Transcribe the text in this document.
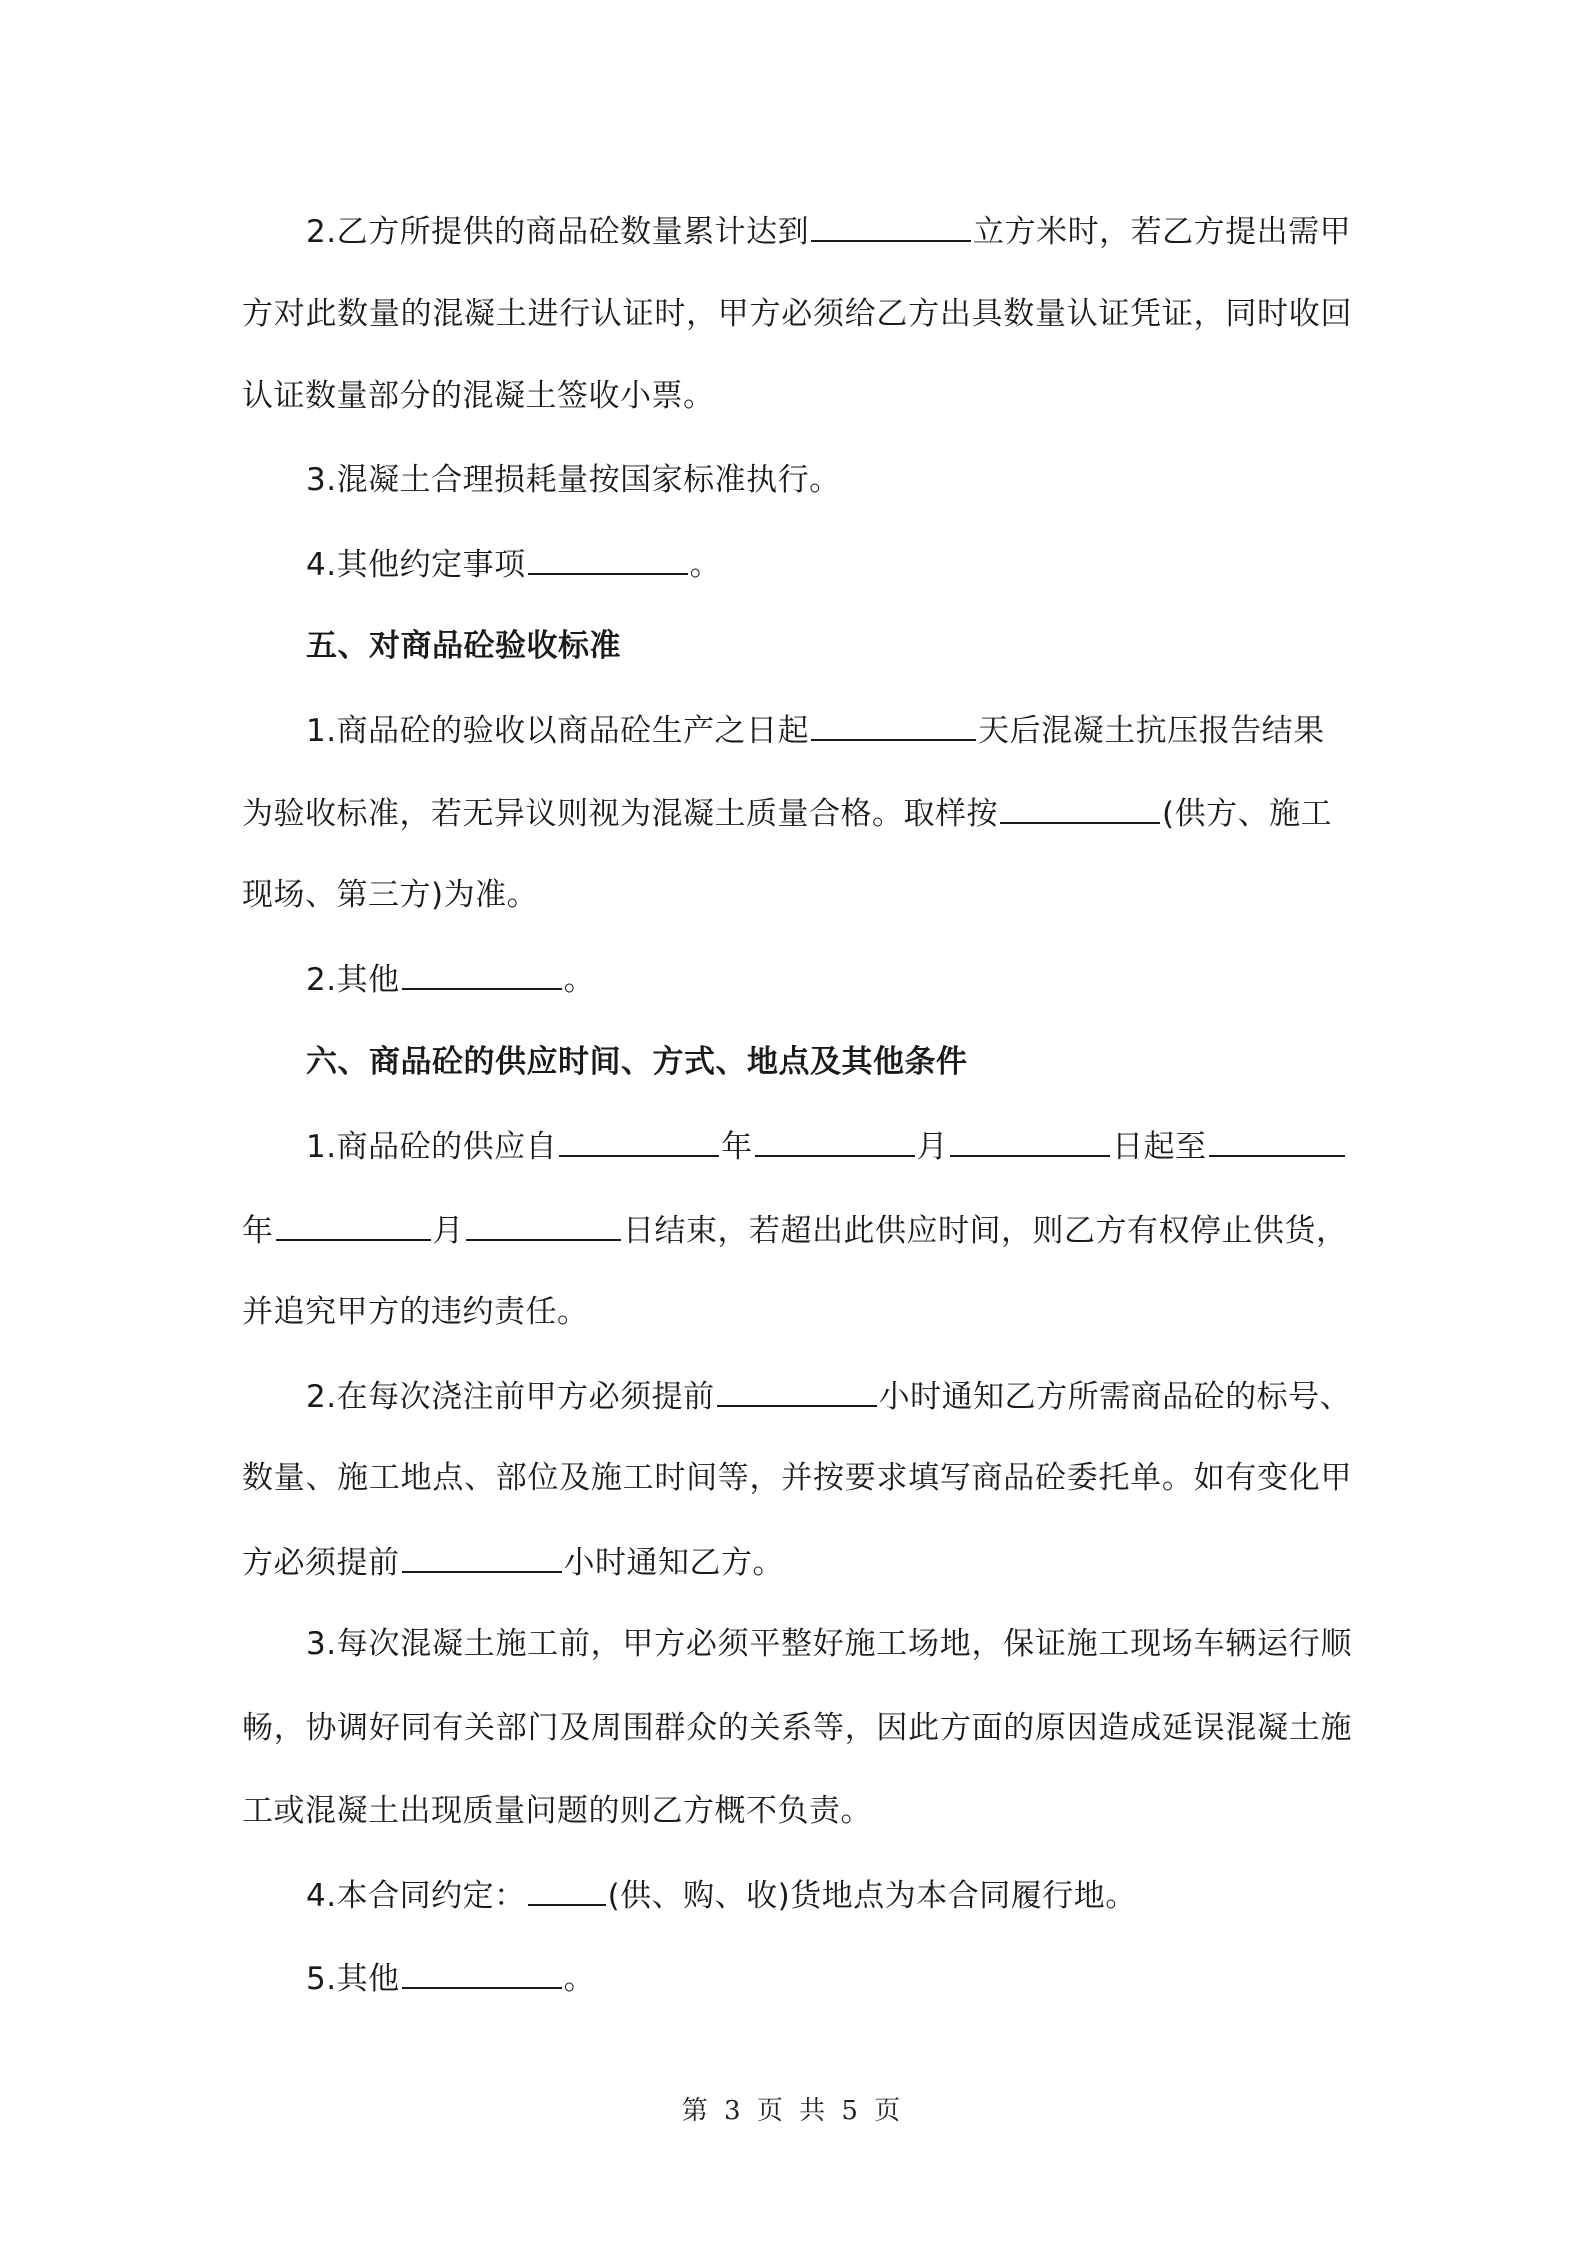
2.乙方所提供的商品砼数量累计达到	立方米时，若乙方提出需甲
方对此数量的混凝土进行认证时，甲方必须给乙方出具数量认证凭证，同时收回
认证数量部分的混凝土签收小票。
3.混凝土合理损耗量按国家标准执行。
4.其他约定事项	。
五、对商品砼验收标准
1.商品砼的验收以商品砼生产之日起	天后混凝土抗压报告结果
为验收标准，若无异议则视为混凝土质量合格。取样按	(供方、施工
现场、第三方)为准。
2.其他	。
六、商品砼的供应时间、方式、地点及其他条件
1.商品砼的供应自	年	月	日起至
年	月	日结束，若超出此供应时间，则乙方有权停止供货，
并追究甲方的违约责任。
2.在每次浇注前甲方必须提前	小时通知乙方所需商品砼的标号、
数量、施工地点、部位及施工时间等，并按要求填写商品砼委托单。如有变化甲
方必须提前	小时通知乙方。
3.每次混凝土施工前，甲方必须平整好施工场地，保证施工现场车辆运行顺
畅，协调好同有关部门及周围群众的关系等，因此方面的原因造成延误混凝土施
工或混凝土出现质量问题的则乙方概不负责。
4.本合同约定：	(供、购、收)货地点为本合同履行地。
5.其他	。
第 3 页 共 5 页
